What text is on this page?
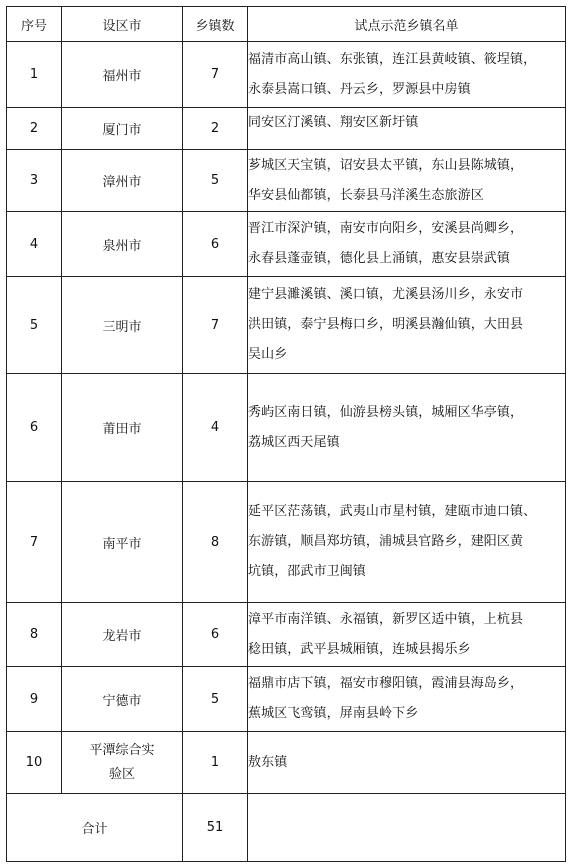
序号	设区市	乡镇数	试点示范乡镇名单
1	福州市	7	福清市高山镇、东张镇，连江县黄岐镇、筱埕镇，
永泰县嵩口镇、丹云乡，罗源县中房镇

2	厦门市	2	同安区汀溪镇、翔安区新圩镇

3	漳州市	5	芗城区天宝镇，诏安县太平镇，东山县陈城镇，
华安县仙都镇，长泰县马洋溪生态旅游区

4	泉州市	6	晋江市深沪镇，南安市向阳乡，安溪县尚卿乡，
永春县蓬壶镇，德化县上涌镇，惠安县崇武镇

5	三明市	7	建宁县濉溪镇、溪口镇，尤溪县汤川乡，永安市
洪田镇，泰宁县梅口乡，明溪县瀚仙镇，大田县
吴山乡

6	莆田市	4	秀屿区南日镇，仙游县榜头镇，城厢区华亭镇，
荔城区西天尾镇

7	南平市	8	延平区茫荡镇，武夷山市星村镇，建瓯市迪口镇、
东游镇，顺昌郑坊镇，浦城县官路乡，建阳区黄
坑镇，邵武市卫闽镇

8	龙岩市	6	漳平市南洋镇、永福镇，新罗区适中镇，上杭县
稔田镇，武平县城厢镇，连城县揭乐乡

9	宁德市	5	福鼎市店下镇，福安市穆阳镇，霞浦县海岛乡，
蕉城区飞鸾镇，屏南县岭下乡

10	平潭综合实
验区	1	敖东镇

合计		51	
